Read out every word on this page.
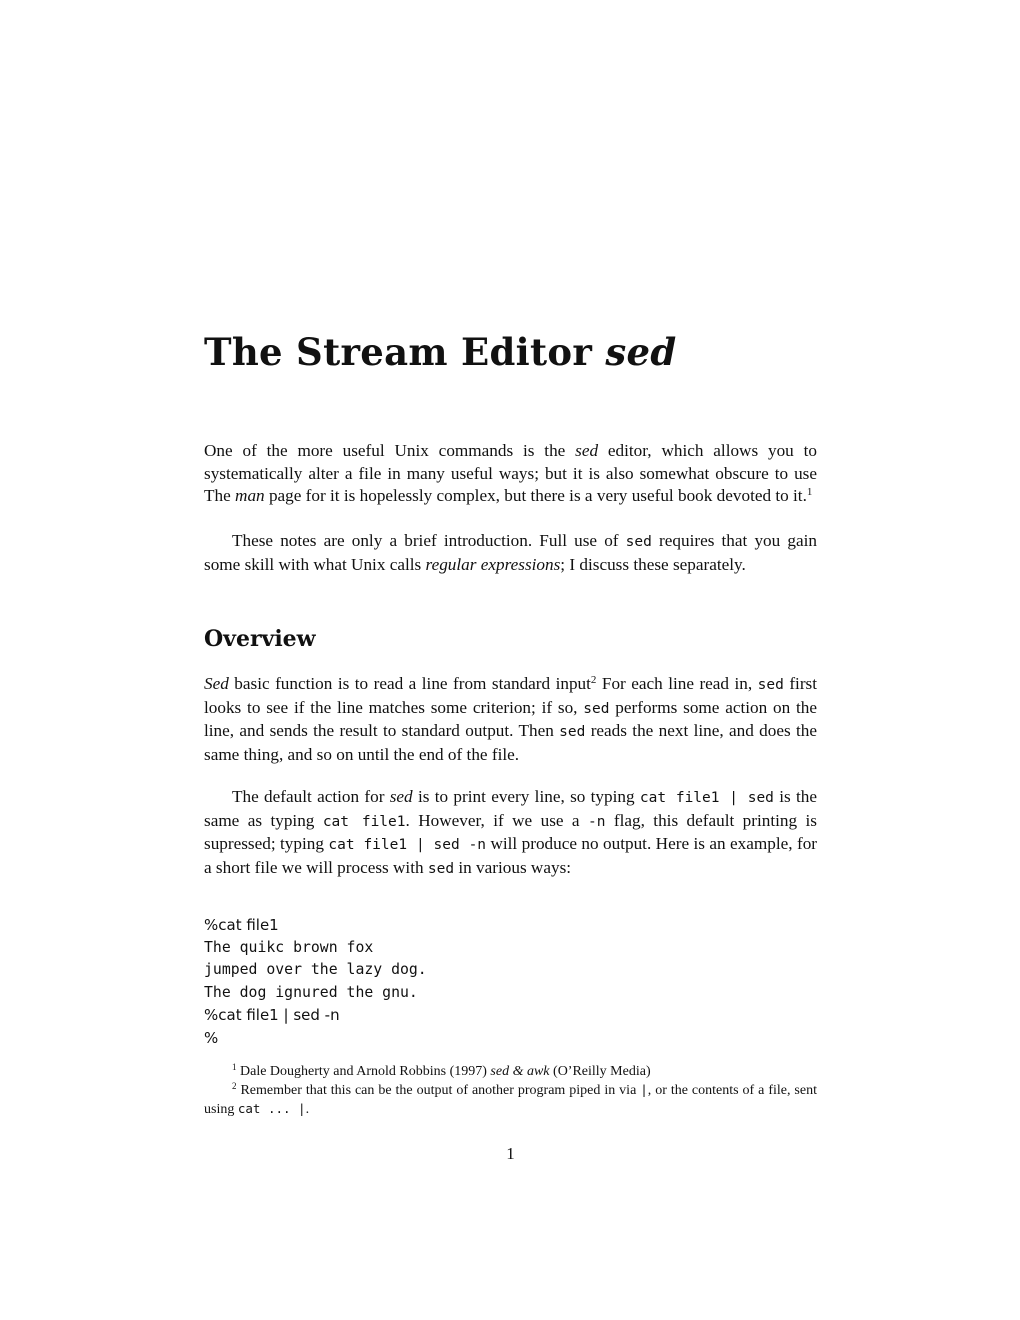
The Stream Editor sed

One of the more useful Unix commands is the sed editor, which allows you to systematically alter a file in many useful ways; but it is also somewhat obscure to use The man page for it is hopelessly complex, but there is a very useful book devoted to it.$^1$

These notes are only a brief introduction. Full use of sed requires that you gain some skill with what Unix calls regular expressions; I discuss these separately.

Overview

Sed basic function is to read a line from standard input$^2$ For each line read in, sed first looks to see if the line matches some criterion; if so, sed performs some action on the line, and sends the result to standard output. Then sed reads the next line, and does the same thing, and so on until the end of the file.

The default action for sed is to print every line, so typing cat file1 | sed is the same as typing cat file1. However, if we use a -n flag, this default printing is supressed; typing cat file1 | sed -n will produce no output. Here is an example, for a short file we will process with sed in various ways:

%cat file1
The quikc brown fox
jumped over the lazy dog.
The dog ignured the gnu.
%cat file1 | sed -n
%

$^1$ Dale Dougherty and Arnold Robbins (1997) sed & awk (O’Reilly Media)

$^2$ Remember that this can be the output of another program piped in via |, or the contents of a file, sent using cat ... |.

1
